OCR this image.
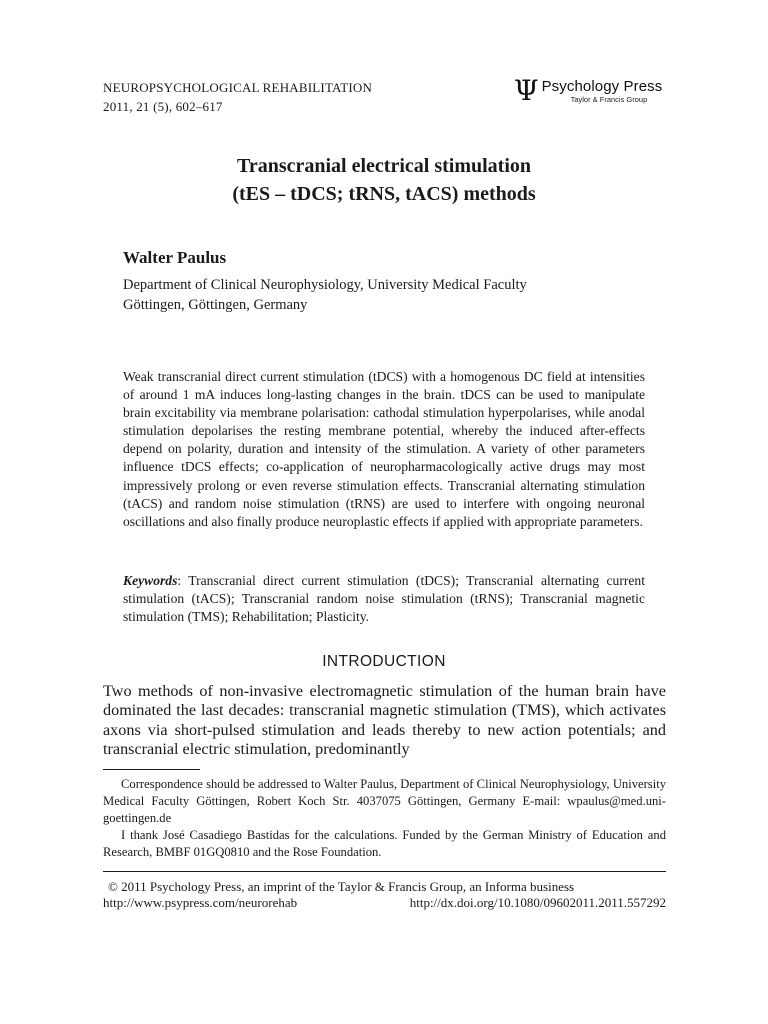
NEUROPSYCHOLOGICAL REHABILITATION
2011, 21 (5), 602–617	Ψ Psychology Press
Taylor & Francis Group
Transcranial electrical stimulation
(tES – tDCS; tRNS, tACS) methods
Walter Paulus
Department of Clinical Neurophysiology, University Medical Faculty
Göttingen, Göttingen, Germany
Weak transcranial direct current stimulation (tDCS) with a homogenous DC field at intensities of around 1 mA induces long-lasting changes in the brain. tDCS can be used to manipulate brain excitability via membrane polarisation: cathodal stimulation hyperpolarises, while anodal stimulation depolarises the resting membrane potential, whereby the induced after-effects depend on polarity, duration and intensity of the stimulation. A variety of other parameters influence tDCS effects; co-application of neuropharmacologically active drugs may most impressively prolong or even reverse stimulation effects. Transcranial alternating stimulation (tACS) and random noise stimulation (tRNS) are used to interfere with ongoing neuronal oscillations and also finally produce neuroplastic effects if applied with appropriate parameters.
Keywords: Transcranial direct current stimulation (tDCS); Transcranial alternating current stimulation (tACS); Transcranial random noise stimulation (tRNS); Transcranial magnetic stimulation (TMS); Rehabilitation; Plasticity.
INTRODUCTION
Two methods of non-invasive electromagnetic stimulation of the human brain have dominated the last decades: transcranial magnetic stimulation (TMS), which activates axons via short-pulsed stimulation and leads thereby to new action potentials; and transcranial electric stimulation, predominantly

Correspondence should be addressed to Walter Paulus, Department of Clinical Neurophysiology, University Medical Faculty Göttingen, Robert Koch Str. 4037075 Göttingen, Germany E-mail: wpaulus@med.uni-goettingen.de

I thank José Casadiego Bastidas for the calculations. Funded by the German Ministry of Education and Research, BMBF 01GQ0810 and the Rose Foundation.

© 2011 Psychology Press, an imprint of the Taylor & Francis Group, an Informa business
http://www.psypress.com/neurorehab	http://dx.doi.org/10.1080/09602011.2011.557292
